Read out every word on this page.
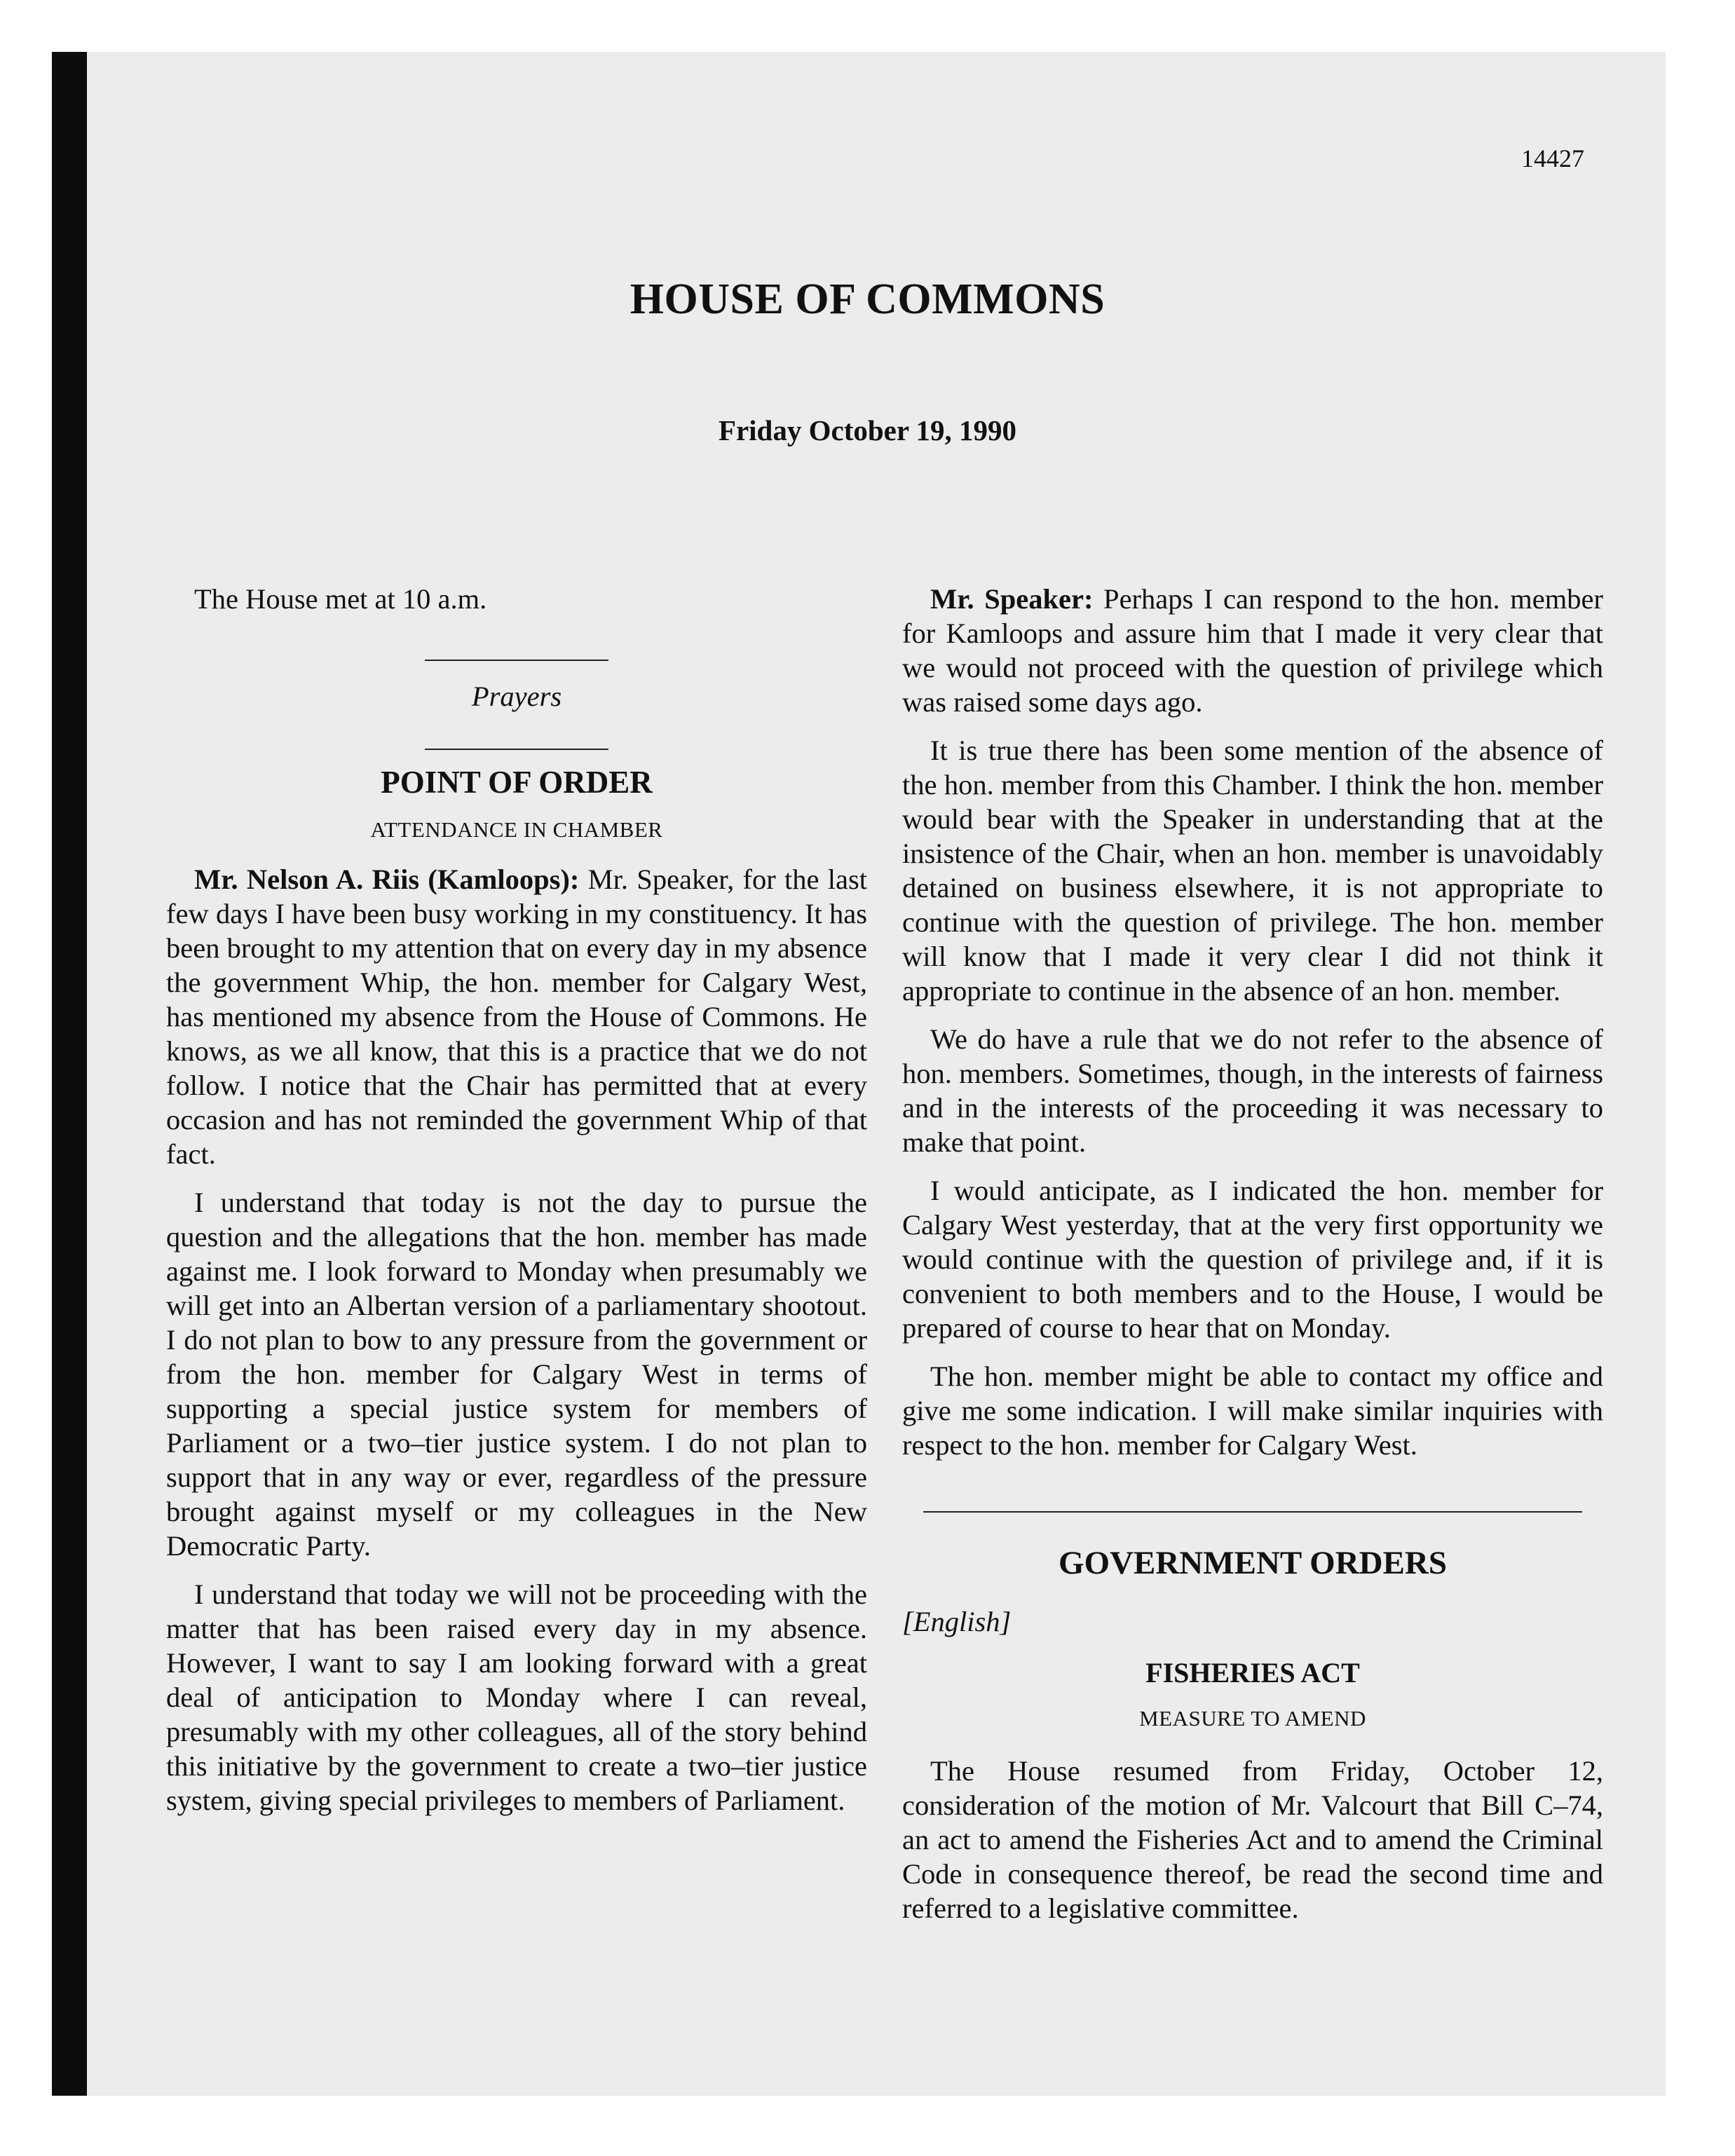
14427
HOUSE OF COMMONS
Friday October 19, 1990

The House met at 10 a.m.

Prayers
POINT OF ORDER
ATTENDANCE IN CHAMBER

Mr. Nelson A. Riis (Kamloops): Mr. Speaker, for the last few days I have been busy working in my constituency. It has been brought to my attention that on every day in my absence the government Whip, the hon. member for Calgary West, has mentioned my absence from the House of Commons. He knows, as we all know, that this is a practice that we do not follow. I notice that the Chair has permitted that at every occasion and has not reminded the government Whip of that fact.

I understand that today is not the day to pursue the question and the allegations that the hon. member has made against me. I look forward to Monday when presumably we will get into an Albertan version of a parliamentary shootout. I do not plan to bow to any pressure from the government or from the hon. member for Calgary West in terms of supporting a special justice system for members of Parliament or a two–tier justice system. I do not plan to support that in any way or ever, regardless of the pressure brought against myself or my colleagues in the New Democratic Party.

I understand that today we will not be proceeding with the matter that has been raised every day in my absence. However, I want to say I am looking forward with a great deal of anticipation to Monday where I can reveal, presumably with my other colleagues, all of the story behind this initiative by the government to create a two–tier justice system, giving special privileges to members of Parliament.

Mr. Speaker: Perhaps I can respond to the hon. member for Kamloops and assure him that I made it very clear that we would not proceed with the question of privilege which was raised some days ago.

It is true there has been some mention of the absence of the hon. member from this Chamber. I think the hon. member would bear with the Speaker in understanding that at the insistence of the Chair, when an hon. member is unavoidably detained on business elsewhere, it is not appropriate to continue with the question of privilege. The hon. member will know that I made it very clear I did not think it appropriate to continue in the absence of an hon. member.

We do have a rule that we do not refer to the absence of hon. members. Sometimes, though, in the interests of fairness and in the interests of the proceeding it was necessary to make that point.

I would anticipate, as I indicated the hon. member for Calgary West yesterday, that at the very first opportunity we would continue with the question of privilege and, if it is convenient to both members and to the House, I would be prepared of course to hear that on Monday.

The hon. member might be able to contact my office and give me some indication. I will make similar inquiries with respect to the hon. member for Calgary West.

GOVERNMENT ORDERS
[English]
FISHERIES ACT
MEASURE TO AMEND

The House resumed from Friday, October 12, consideration of the motion of Mr. Valcourt that Bill C–74, an act to amend the Fisheries Act and to amend the Criminal Code in consequence thereof, be read the second time and referred to a legislative committee.
